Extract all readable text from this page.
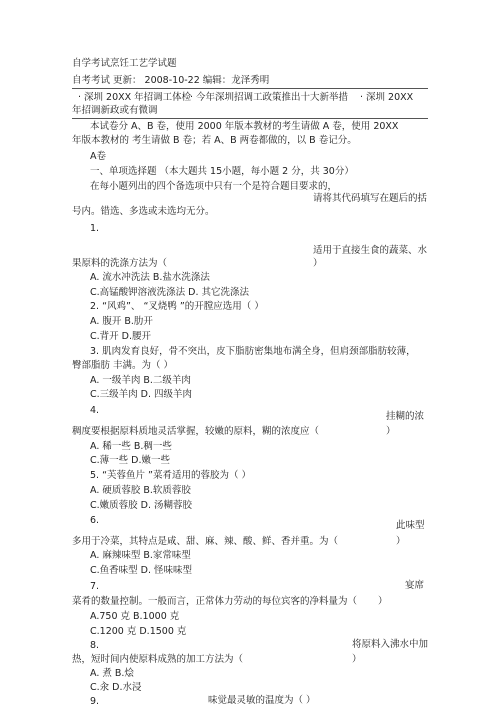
自学考试烹饪工艺学试题
自考考试 更新： 2008-10-22 编辑：龙泽秀明
· 深圳 20XX 年招调工体检
· 今年深圳招调工政策推出十大新举措 · 深圳 20XX
年招调新政或有微调
本试卷分 A、B 卷，使用 2000 年版本教材的考生请做 A 卷，使用 20XX
年版本教材的 考生请做 B 卷；若 A、B 两卷都做的，以 B 卷记分。
A卷
一、单项选择题 （本大题共 15小题，每小题 2 分，共 30分）
在每小题列出的四个备选项中只有一个是符合题目要求的，
请将其代码填写在题后的括
号内。错选、多选或未选均无分。
1.
适用于直接生食的蔬菜、水
果原料的洗涤方法为（	）
A. 流水冲洗法 B.盐水洗涤法
C.高锰酸钾溶液洗涤法 D. 其它洗涤法
2. “风鸡”、 “叉烧鸭 ”的开膛应选用（ ）
A. 腹开 B.肋开
C.背开 D.腰开
3. 肌肉发育良好，骨不突出，皮下脂肪密集地布满全身，但肩颈部脂肪较薄，
臀部脂肪 丰满。为（ ）
A. 一级羊肉 B.二级羊肉
C.三级羊肉 D. 四级羊肉
4.
挂糊的浓
稠度要根据原料质地灵活掌握，较嫩的原料，糊的浓度应（	）
A. 稀一些 B.稠一些
C.薄一些 D.嫩一些
5. “芙蓉鱼片 ”菜肴适用的蓉胶为（ ）
A. 硬质蓉胶 B.软质蓉胶
C.嫩质蓉胶 D. 汤糊蓉胶
6.	此味型
多用于冷菜，其特点是咸、甜、麻、辣、酸、鲜、香并重。为（	）
A. 麻辣味型 B.家常味型
C.鱼香味型 D. 怪味味型
7.	宴席
菜肴的数量控制。一般而言，正常体力劳动的每位宾客的净料量为（ ）
A.750 克 B.1000 克
C.1200 克 D.1500 克
8.	将原料入沸水中加
热，短时间内使原料成熟的加工方法为（	）
A. 煮 B.烩
C.汆 D.水浸
9.	味觉最灵敏的温度为（ ）
